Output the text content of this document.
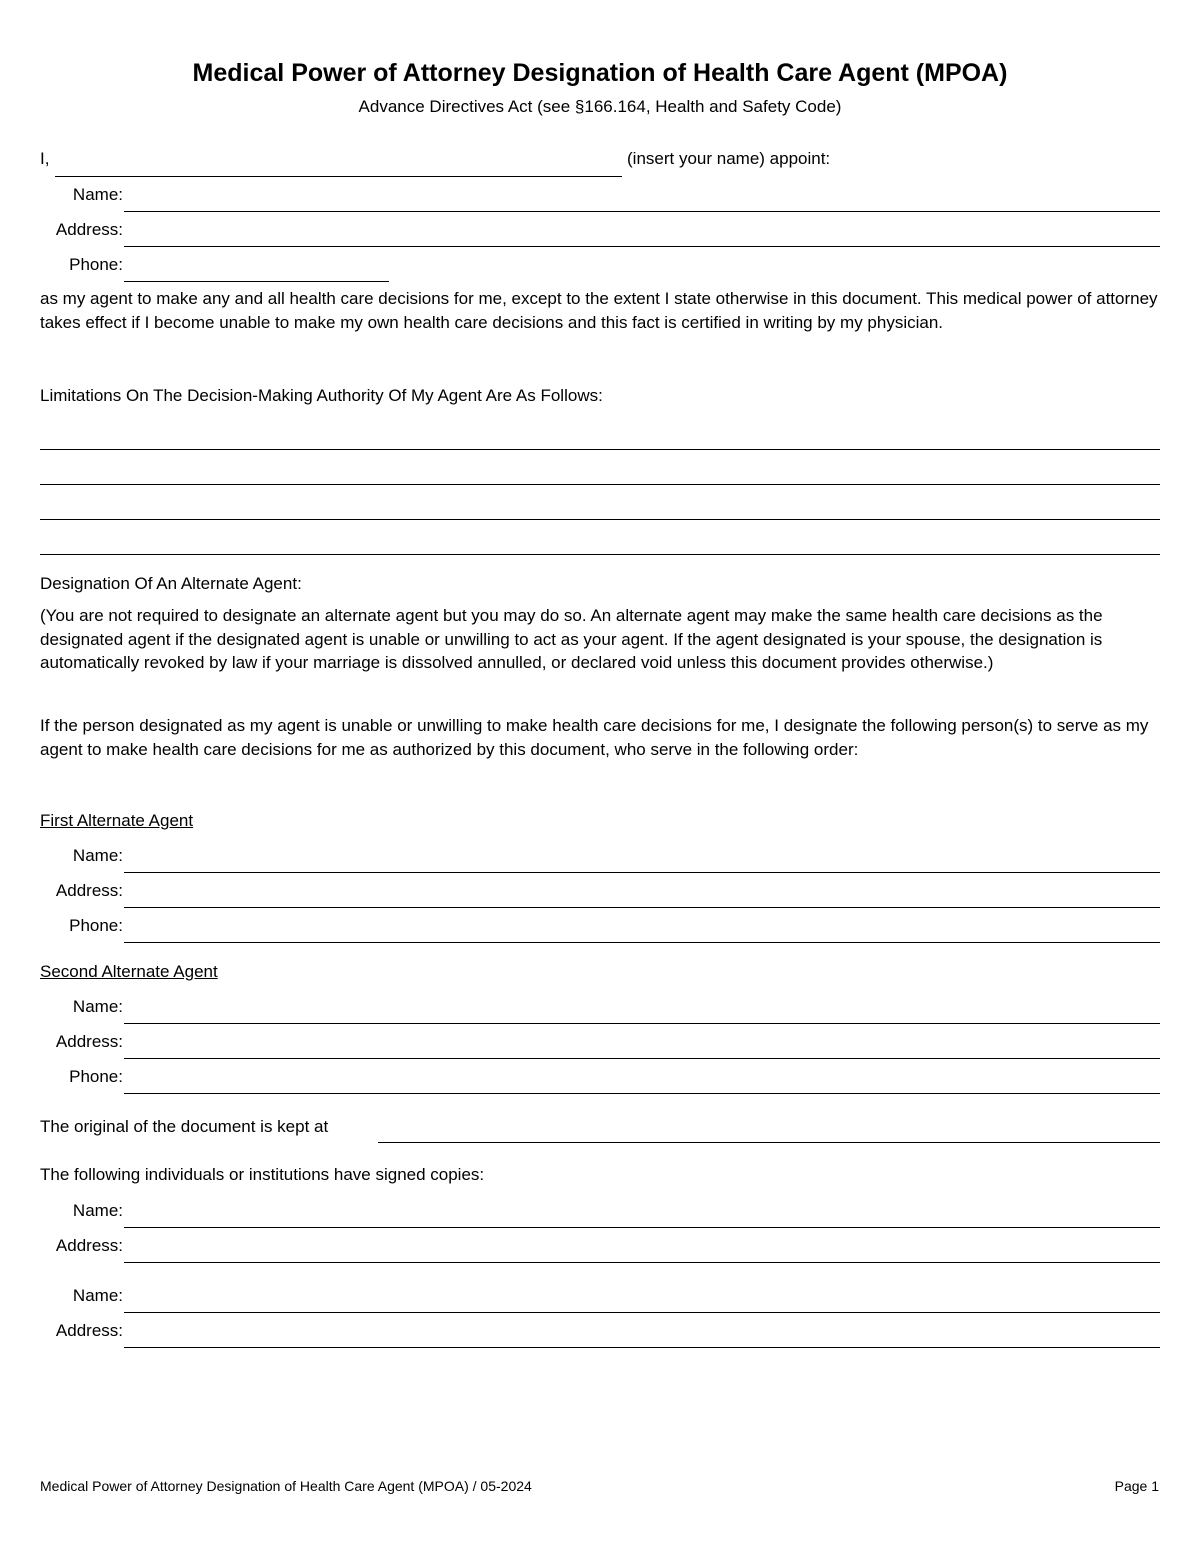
Medical Power of Attorney Designation of Health Care Agent (MPOA)
Advance Directives Act (see §166.164, Health and Safety Code)
I,	(insert your name) appoint:
Name:
Address:
Phone:
as my agent to make any and all health care decisions for me, except to the extent I state otherwise in this document. This medical power of attorney takes effect if I become unable to make my own health care decisions and this fact is certified in writing by my physician.
Limitations On The Decision-Making Authority Of My Agent Are As Follows:
Designation Of An Alternate Agent:
(You are not required to designate an alternate agent but you may do so. An alternate agent may make the same health care decisions as the designated agent if the designated agent is unable or unwilling to act as your agent. If the agent designated is your spouse, the designation is automatically revoked by law if your marriage is dissolved annulled, or declared void unless this document provides otherwise.)
If the person designated as my agent is unable or unwilling to make health care decisions for me, I designate the following person(s) to serve as my agent to make health care decisions for me as authorized by this document, who serve in the following order:
First Alternate Agent
Name:
Address:
Phone:
Second Alternate Agent
Name:
Address:
Phone:
The original of the document is kept at
The following individuals or institutions have signed copies:
Name:
Address:
Name:
Address:
Medical Power of Attorney Designation of Health Care Agent (MPOA) / 05-2024	Page 1
